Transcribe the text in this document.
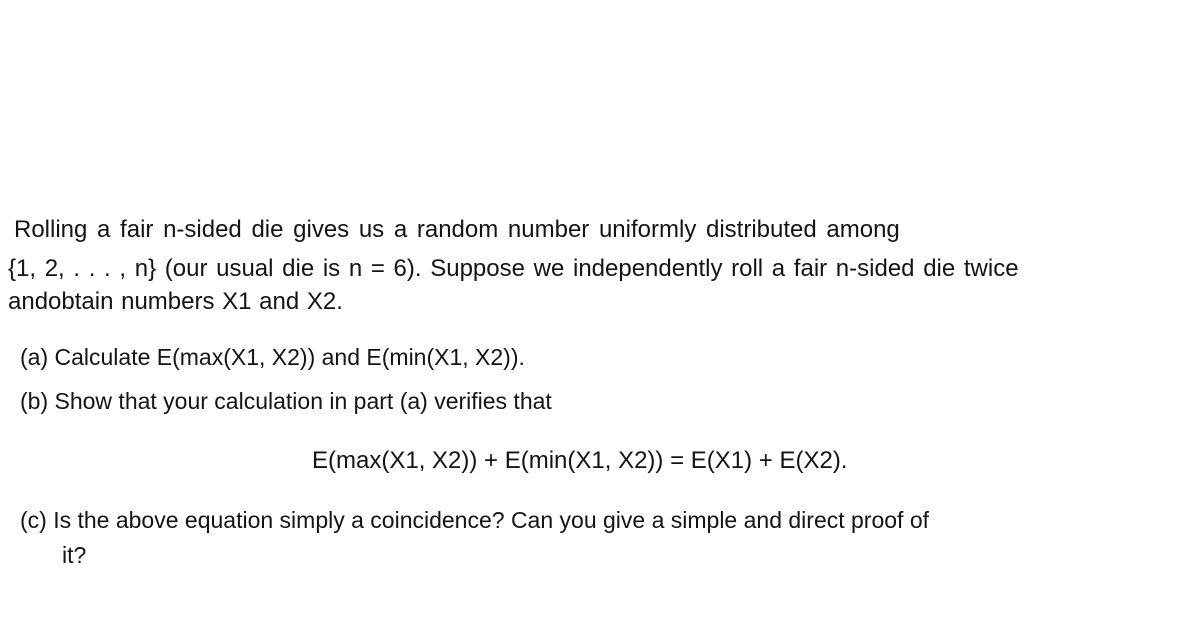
Rolling a fair n-sided die gives us a random number uniformly distributed among
{1, 2, . . . , n} (our usual die is n = 6). Suppose we independently roll a fair n-sided die twice
andobtain numbers X1 and X2.
(a) Calculate E(max(X1, X2)) and E(min(X1, X2)).
(b) Show that your calculation in part (a) verifies that
E(max(X1, X2)) + E(min(X1, X2)) = E(X1) + E(X2).
(c) Is the above equation simply a coincidence? Can you give a simple and direct proof of
it?
